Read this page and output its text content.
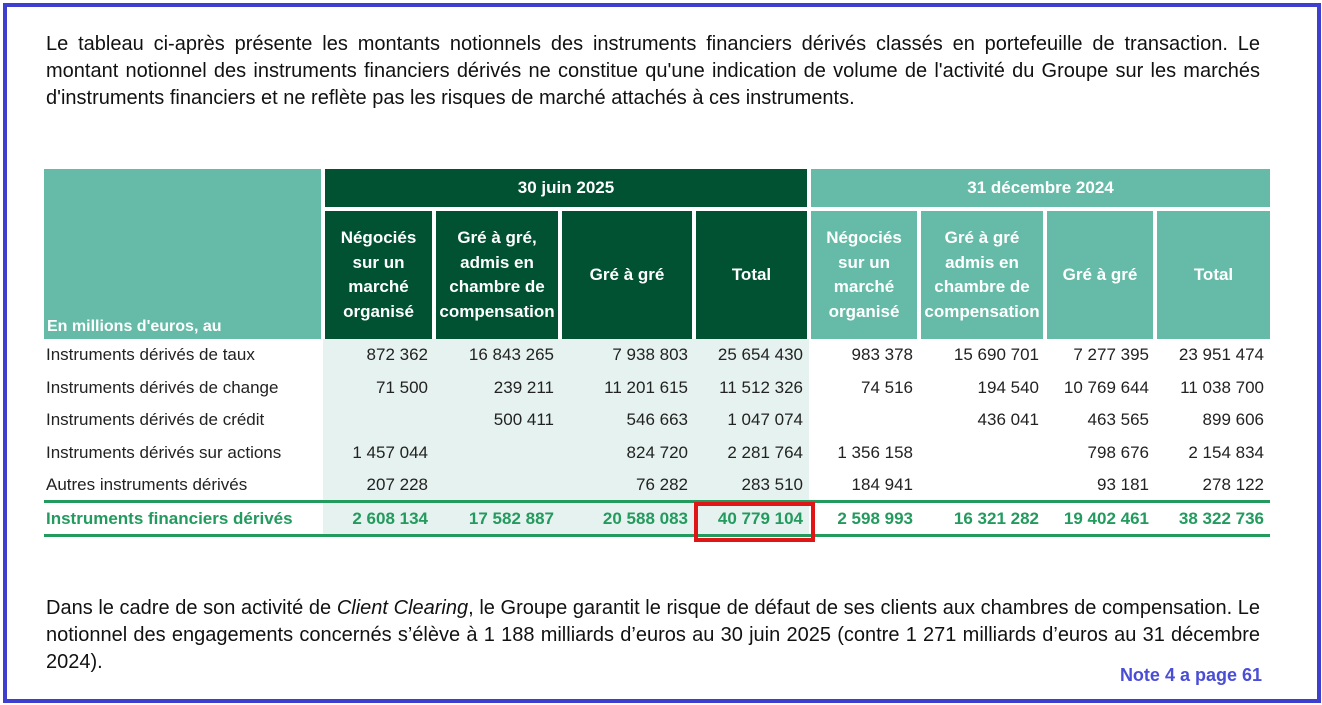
Le tableau ci-après présente les montants notionnels des instruments financiers dérivés classés en portefeuille de transaction. Le montant notionnel des instruments financiers dérivés ne constitue qu'une indication de volume de l'activité du Groupe sur les marchés d'instruments financiers et ne reflète pas les risques de marché attachés à ces instruments.

En millions d'euros, au	30 juin 2025				31 décembre 2024			
	Négociés sur un marché organisé	Gré à gré, admis en chambre de compensation	Gré à gré	Total	Négociés sur un marché organisé	Gré à gré admis en chambre de compensation	Gré à gré	Total
Instruments dérivés de taux	872 362	16 843 265	7 938 803	25 654 430	983 378	15 690 701	7 277 395	23 951 474
Instruments dérivés de change	71 500	239 211	11 201 615	11 512 326	74 516	194 540	10 769 644	11 038 700
Instruments dérivés de crédit		500 411	546 663	1 047 074		436 041	463 565	899 606
Instruments dérivés sur actions	1 457 044		824 720	2 281 764	1 356 158		798 676	2 154 834
Autres instruments dérivés	207 228		76 282	283 510	184 941		93 181	278 122
Instruments financiers dérivés	2 608 134	17 582 887	20 588 083	40 779 104	2 598 993	16 321 282	19 402 461	38 322 736

Dans le cadre de son activité de Client Clearing, le Groupe garantit le risque de défaut de ses clients aux chambres de compensation. Le notionnel des engagements concernés s’élève à 1 188 milliards d’euros au 30 juin 2025 (contre 1 271 milliards d’euros au 31 décembre 2024).

Note 4 a page 61
